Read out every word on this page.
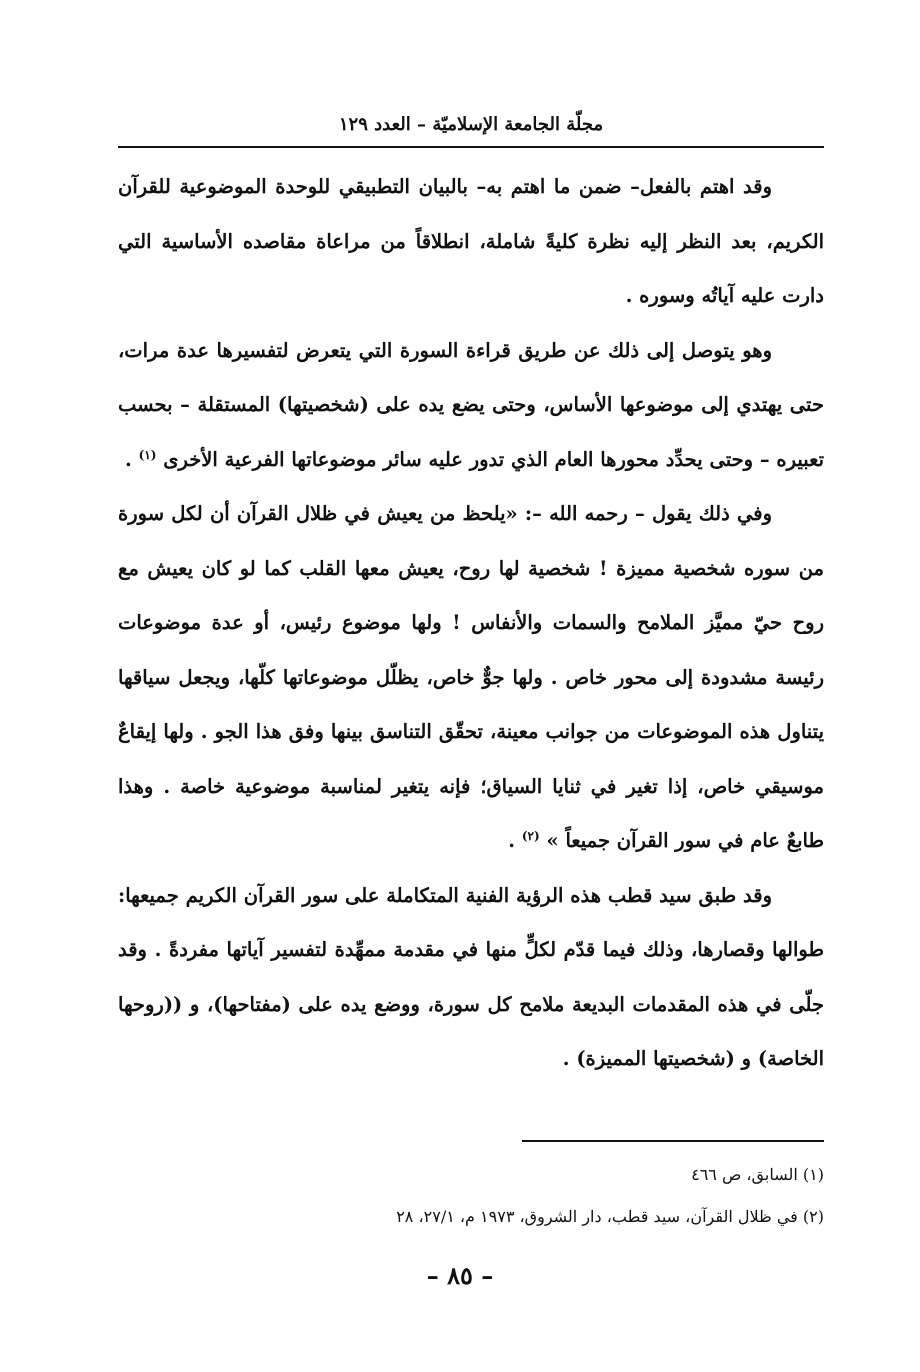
مجلّة الجامعة الإسلاميّة – العدد ١٢٩

وقد اهتم بالفعل– ضمن ما اهتم به– بالبيان التطبيقي للوحدة الموضوعية للقرآن الكريم، بعد النظر إليه نظرة كليةً شاملة، انطلاقاً من مراعاة مقاصده الأساسية التي دارت عليه آياتُه وسوره .

وهو يتوصل إلى ذلك عن طريق قراءة السورة التي يتعرض لتفسيرها عدة مرات، حتى يهتدي إلى موضوعها الأساس، وحتى يضع يده على (شخصيتها) المستقلة – بحسب تعبيره – وحتى يحدِّد محورها العام الذي تدور عليه سائر موضوعاتها الفرعية الأخرى $^{(١)}$ .

وفي ذلك يقول – رحمه الله –: «يلحظ من يعيش في ظلال القرآن أن لكل سورة من سوره شخصية مميزة ! شخصية لها روح، يعيش معها القلب كما لو كان يعيش مع روح حيّ مميَّز الملامح والسمات والأنفاس ! ولها موضوع رئيس، أو عدة موضوعات رئيسة مشدودة إلى محور خاص . ولها جوٌّ خاص، يظلّل موضوعاتها كلّها، ويجعل سياقها يتناول هذه الموضوعات من جوانب معينة، تحقّق التناسق بينها وفق هذا الجو . ولها إيقاعٌ موسيقي خاص، إذا تغير في ثنايا السياق؛ فإنه يتغير لمناسبة موضوعية خاصة . وهذا طابعٌ عام في سور القرآن جميعاً » $^{(٢)}$ .

وقد طبق سيد قطب هذه الرؤية الفنية المتكاملة على سور القرآن الكريم جميعها: طوالها وقصارها، وذلك فيما قدّم لكلٍّ منها في مقدمة ممهِّدة لتفسير آياتها مفردةً . وقد جلّى في هذه المقدمات البديعة ملامح كل سورة، ووضع يده على (مفتاحها)، و ((روحها الخاصة) و (شخصيتها المميزة) .

(١) السابق، ص ٤٦٦

(٢) في ظلال القرآن، سيد قطب، دار الشروق، ١٩٧٣ م، ٢٧/١، ٢٨

– ٨٥ –
